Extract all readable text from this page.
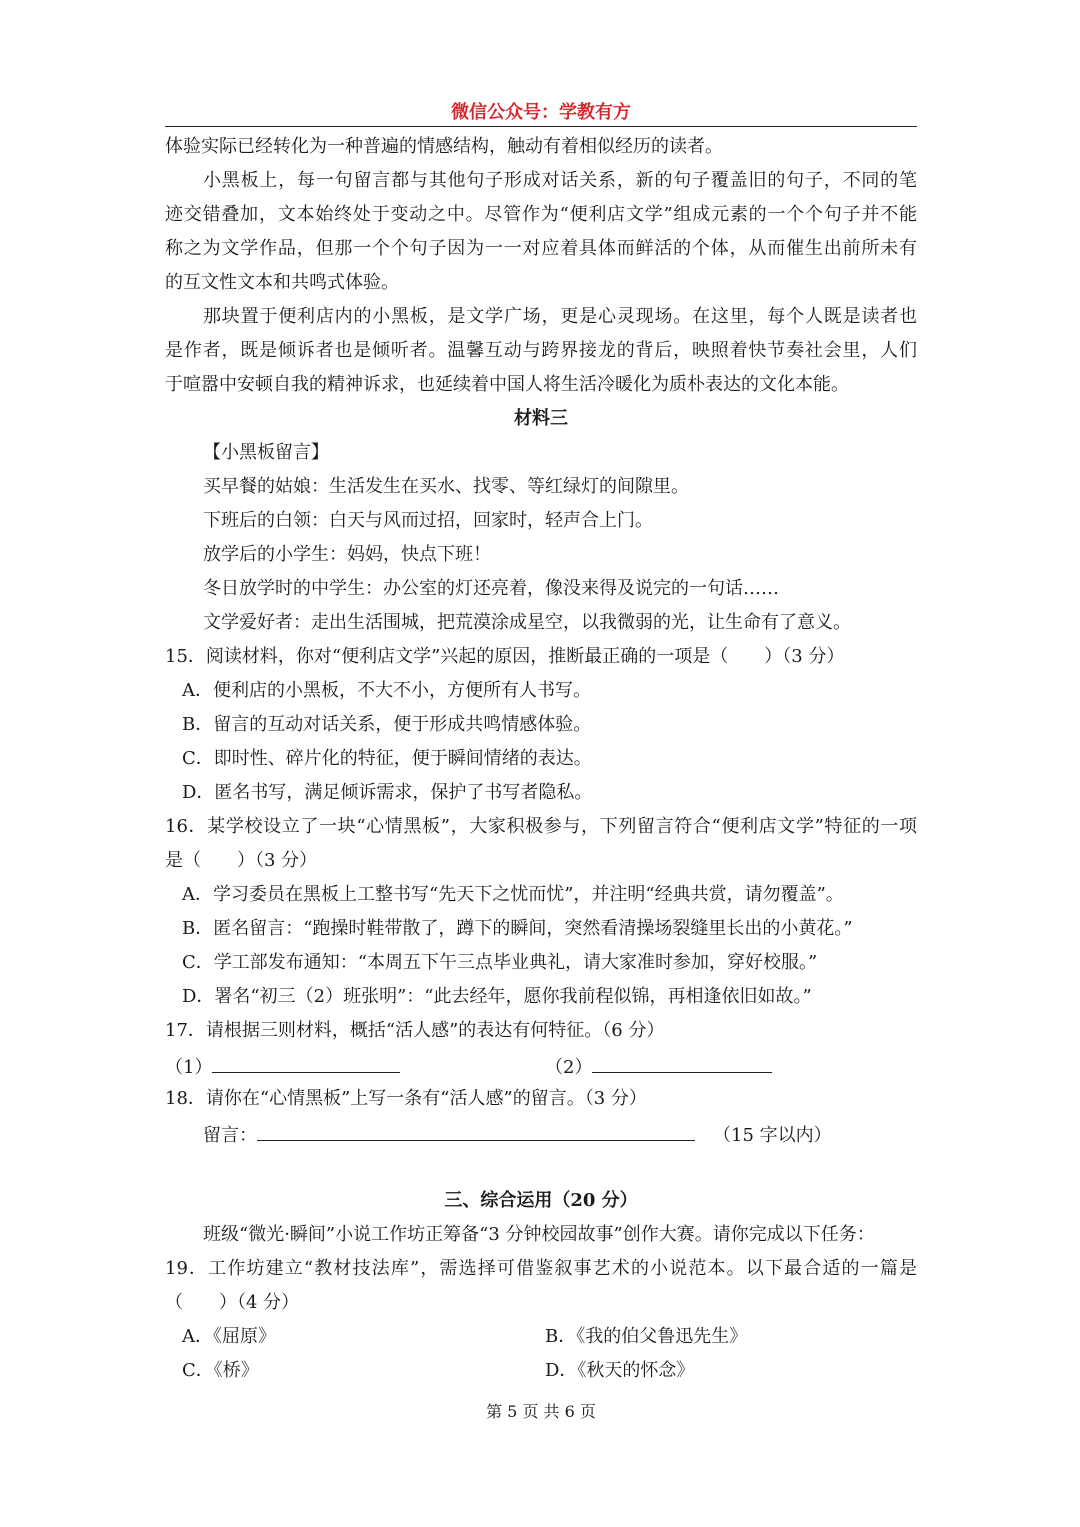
微信公众号：学教有方
体验实际已经转化为一种普遍的情感结构，触动有着相似经历的读者。
小黑板上，每一句留言都与其他句子形成对话关系，新的句子覆盖旧的句子，不同的笔
迹交错叠加，文本始终处于变动之中。尽管作为“便利店文学”组成元素的一个个句子并不能
称之为文学作品，但那一个个句子因为一一对应着具体而鲜活的个体，从而催生出前所未有
的互文性文本和共鸣式体验。
那块置于便利店内的小黑板，是文学广场，更是心灵现场。在这里，每个人既是读者也
是作者，既是倾诉者也是倾听者。温馨互动与跨界接龙的背后，映照着快节奏社会里，人们
于喧嚣中安顿自我的精神诉求，也延续着中国人将生活冷暖化为质朴表达的文化本能。
材料三
【小黑板留言】
买早餐的姑娘：生活发生在买水、找零、等红绿灯的间隙里。
下班后的白领：白天与风而过招，回家时，轻声合上门。
放学后的小学生：妈妈，快点下班！
冬日放学时的中学生：办公室的灯还亮着，像没来得及说完的一句话……
文学爱好者：走出生活围城，把荒漠涂成星空，以我微弱的光，让生命有了意义。
15．阅读材料，你对“便利店文学”兴起的原因，推断最正确的一项是（　　）（3 分）
A．便利店的小黑板，不大不小，方便所有人书写。
B．留言的互动对话关系，便于形成共鸣情感体验。
C．即时性、碎片化的特征，便于瞬间情绪的表达。
D．匿名书写，满足倾诉需求，保护了书写者隐私。
16．某学校设立了一块“心情黑板”，大家积极参与，下列留言符合“便利店文学”特征的一项
是（　　）（3 分）
A．学习委员在黑板上工整书写“先天下之忧而忧”，并注明“经典共赏，请勿覆盖”。
B．匿名留言：“跑操时鞋带散了，蹲下的瞬间，突然看清操场裂缝里长出的小黄花。”
C．学工部发布通知：“本周五下午三点毕业典礼，请大家准时参加，穿好校服。”
D．署名“初三（2）班张明”：“此去经年，愿你我前程似锦，再相逢依旧如故。”
17．请根据三则材料，概括“活人感”的表达有何特征。（6 分）
（1）	（2）
18．请你在“心情黑板”上写一条有“活人感”的留言。（3 分）
留言：	（15 字以内）
三、综合运用（20 分）
班级“微光·瞬间”小说工作坊正筹备“3 分钟校园故事”创作大赛。请你完成以下任务：
19．工作坊建立“教材技法库”，需选择可借鉴叙事艺术的小说范本。以下最合适的一篇是
（　　）（4 分）
A．《屈原》	B．《我的伯父鲁迅先生》
C．《桥》	D．《秋天的怀念》
第 5 页 共 6 页
